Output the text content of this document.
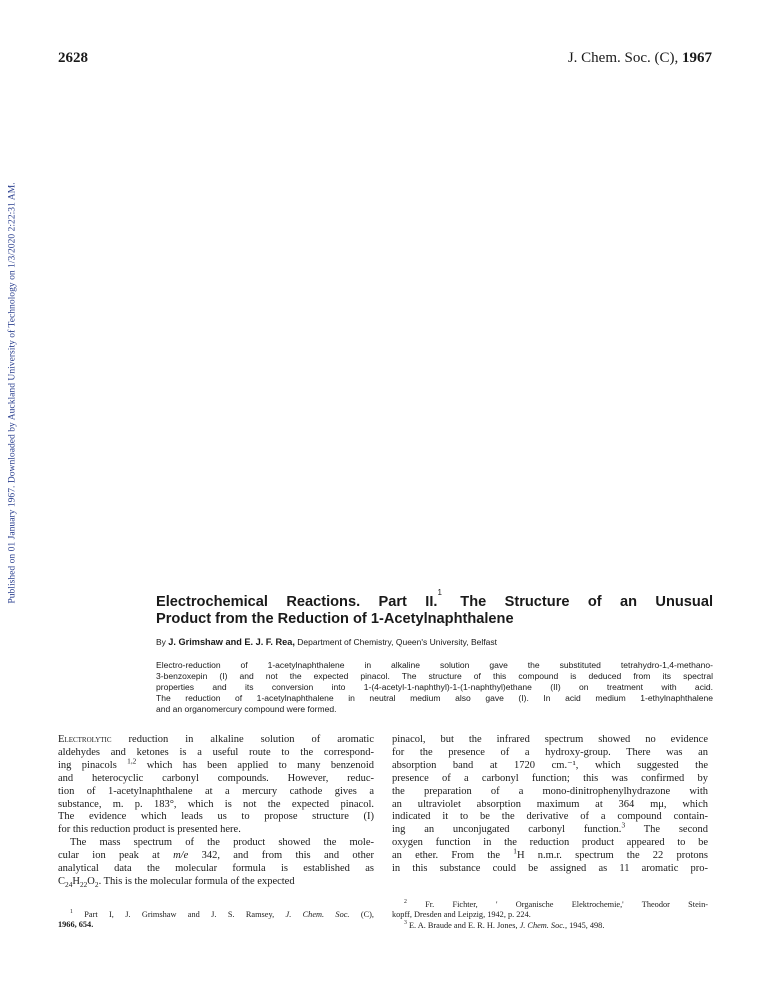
2628	J. Chem. Soc. (C), 1967
Published on 01 January 1967. Downloaded by Auckland University of Technology on 1/3/2020 2:22:31 AM.	Electrochemical Reactions. Part II.$^1$ The Structure of an Unusual
Product from the Reduction of 1-Acetylnaphthalene
By J. Grimshaw and E. J. F. Rea, Department of Chemistry, Queen's University, Belfast
Electro-reduction of 1-acetylnaphthalene in alkaline solution gave the substituted tetrahydro-1,4-methano-
3-benzoxepin (I) and not the expected pinacol. The structure of this compound is deduced from its spectral
properties and its conversion into 1-(4-acetyl-1-naphthyl)-1-(1-naphthyl)ethane (II) on treatment with acid.
The reduction of 1-acetylnaphthalene in neutral medium also gave (I). In acid medium 1-ethylnaphthalene
and an organomercury compound were formed.
Electrolytic reduction in alkaline solution of aromatic
aldehydes and ketones is a useful route to the correspond-
ing pinacols $^{1,2}$ which has been applied to many benzenoid
and heterocyclic carbonyl compounds. However, reduc-
tion of 1-acetylnaphthalene at a mercury cathode gives a
substance, m. p. 183°, which is not the expected pinacol.
The evidence which leads us to propose structure (I)
for this reduction product is presented here.
The mass spectrum of the product showed the mole-
cular ion peak at m/e 342, and from this and other
analytical data the molecular formula is established as
$C_{24}H_{22}O_2$. This is the molecular formula of the expected
pinacol, but the infrared spectrum showed no evidence
for the presence of a hydroxy-group. There was an
absorption band at 1720 cm.⁻¹, which suggested the
presence of a carbonyl function; this was confirmed by
the preparation of a mono-dinitrophenylhydrazone with
an ultraviolet absorption maximum at 364 mμ, which
indicated it to be the derivative of a compound contain-
ing an unconjugated carbonyl function.$^3$ The second
oxygen function in the reduction product appeared to be
an ether. From the $^1$H n.m.r. spectrum the 22 protons
in this substance could be assigned as 11 aromatic pro-
$^1$ Part I, J. Grimshaw and J. S. Ramsey, J. Chem. Soc. (C),
1966, 654.
$^2$ Fr. Fichter, ' Organische Elektrochemie,' Theodor Stein-
kopff, Dresden and Leipzig, 1942, p. 224.
$^3$ E. A. Braude and E. R. H. Jones, J. Chem. Soc., 1945, 498.
